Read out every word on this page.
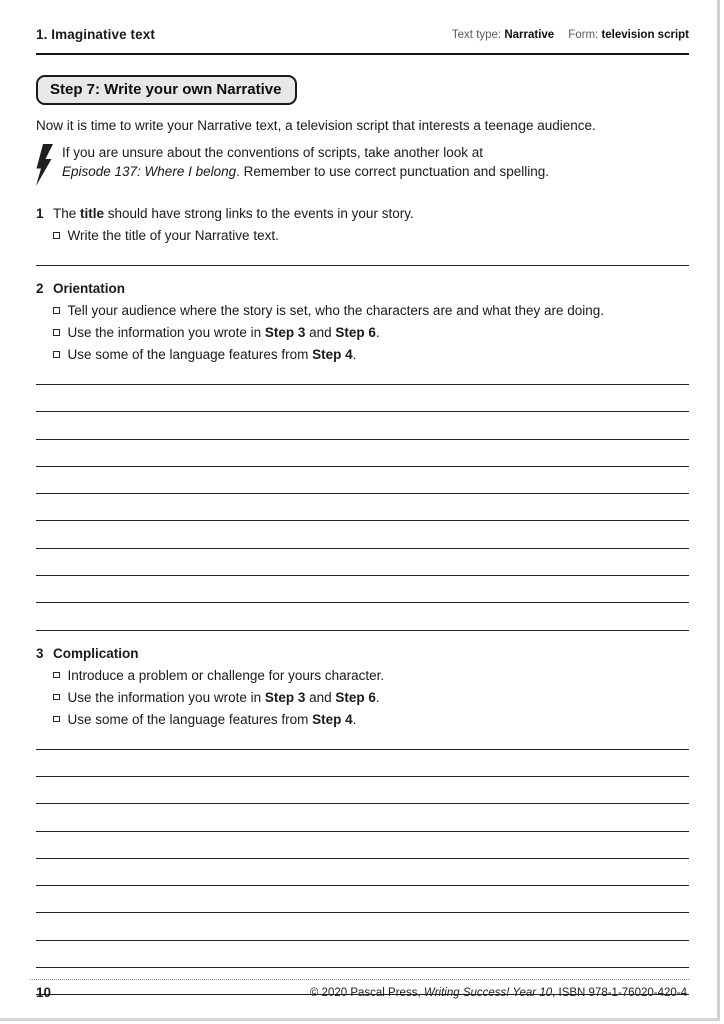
1. Imaginative text	Text type: Narrative Form: television script
Step 7: Write your own Narrative
Now it is time to write your Narrative text, a television script that interests a teenage audience.
If you are unsure about the conventions of scripts, take another look at
Episode 137: Where I belong. Remember to use correct punctuation and spelling.
1 The title should have strong links to the events in your story.
Write the title of your Narrative text.
2 Orientation
Tell your audience where the story is set, who the characters are and what they are doing.
Use the information you wrote in Step 3 and Step 6.
Use some of the language features from Step 4.
3 Complication
Introduce a problem or challenge for yours character.
Use the information you wrote in Step 3 and Step 6.
Use some of the language features from Step 4.
10	© 2020 Pascal Press, Writing Success! Year 10, ISBN 978-1-76020-420-4
